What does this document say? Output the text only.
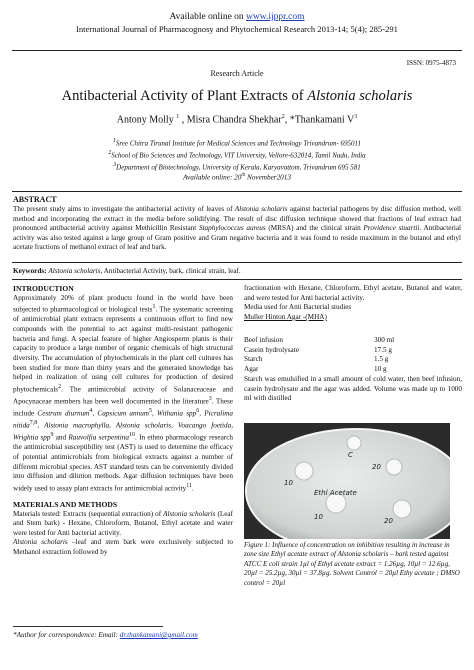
Available online on www.ijppr.com
International Journal of Pharmacognosy and Phytochemical Research 2013-14; 5(4); 285-291
ISSN: 0975-4873
Research Article
Antibacterial Activity of Plant Extracts of Alstonia scholaris
Antony Molly $^1$ , Misra Chandra Shekhar$^2$, *Thankamani $V^3$
$^1$Sree Chitra Tirunal Institute for Medical Sciences and Technology Trivandrum- 695011
$^2$School of Bio Sciences and Technology, VIT University, Vellore-632014, Tamil Nadu, India
$^3$Department of Biotechnology, University of Kerala, Karyavattom, Trivandrum 695 581
Available online: 20th November2013
ABSTRACT
The present study aims to investigate the antibacterial activity of leaves of Alstonia scholaris against bacterial pathogens by disc diffusion method, well method and incorporating the extract in the media before solidifying. The result of disc diffusion technique showed that fractions of leaf extract had pronounced antibacterial activity against Methicillin Resistant Staphylococcus aureus (MRSA) and the clinical strain Providence stuartii. Antibacterial activity was also tested against a large group of Gram positive and Gram negative bacteria and it was found to reside maximum in the butanol and ethyl acetate fractions of methanol extract of leaf and bark.
Keywords: Alstonia scholaris, Antibacterial Activity, bark, clinical strain, leaf.
INTRODUCTION

Approximately 20% of plant products found in the world have been subjected to pharmacological or biological tests$^1$. The systematic screening of antimicrobial plant extracts represents a continuous effort to find new compounds with the potential to act against multi-resistant pathogenic bacteria and fungi. A special feature of higher Angiosperm plants is their capacity to produce a large number of organic chemicals of high structural diversity. The accumulation of phytochemicals in the plant cell cultures has been studied for more than thirty years and the generated knowledge has helped in realization of using cell cultures for production of desired phytochemicals$^2$. The antimicrobial activity of Solanaceaceae and Apocynaceae members has been well documented in the literature$^3$. These include Cestrum diurnum$^4$, Capsicum annum$^5$, Withania spp$^6$, Picralima nitida$^{7,8}$, Alstonia macrophylla, Alstonia scholaris, Voacango foetida, Wrightia spp$^9$ and Rauvolfia serpentina$^{10}$. In ethno pharmacology research the antimicrobial susceptibility test (AST) is used to determine the efficacy of potential antimicrobials from biological extracts against a number of different microbial species. AST standard tests can be conveniently divided into diffusion and dilution methods. Agar diffusion techniques have been widely used to assay plant extracts for antimicrobial activity$^{11}$.

MATERIALS AND METHODS

Materials tested: Extracts (sequential extraction) of Alstonia scholaris (Leaf and Stem bark) - Hexane, Chloroform, Butanol, Ethyl acetate and water were tested for Anti bacterial activity.
Alstonia scholaris –leaf and stem bark were exclusively subjected to Methanol extraction followed by

fractionation with Hexane, Chloroform, Ethyl acetate, Butanol and water, and were tested for Anti bacterial activity.

Media used for Anti Bacterial studies

Muller Hinton Agar -(MHA)

Beef infusion	300 ml
Casein hydrolysate	17.5 g
Starch	1.5 g
Agar	10 g
Starch was emulsified in a small amount of cold water, then beef infusion, casein hydrolysate and the agar was added. Volume was made up to 1000 ml with distilled
10
20
10	20
C
Ethl Acetate
Figure 1: Influence of concentration on inhibition resulting in increase in zone size Ethyl acetate extract of Alstonia scholaris – bark tested against ATCC E coli strain 1µl of Ethyl acetate extract = 1.26µg, 10µl = 12.6µg, 20µl = 25.2µg, 30µl = 37.8µg. Solvent Control = 20µl Ethy acetate ; DMSO control = 20µl
*Author for correspondence: Email: dr.thankamani@gmail.com
